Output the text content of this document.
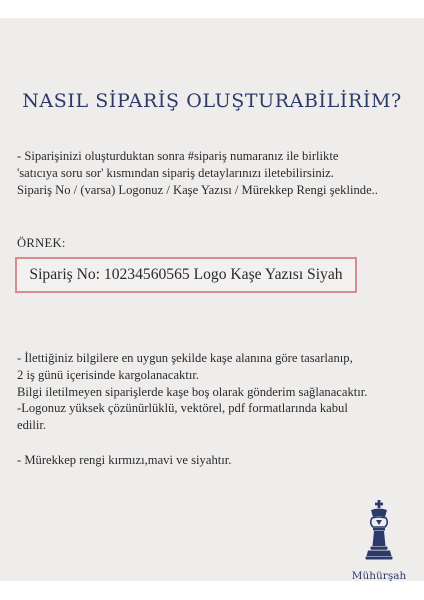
NASIL SİPARİŞ OLUŞTURABİLİRİM?
- Siparişinizi oluşturduktan sonra #sipariş numaranız ile birlikte
'satıcıya soru sor' kısmından sipariş detaylarınızı iletebilirsiniz.
Sipariş No / (varsa) Logonuz / Kaşe Yazısı / Mürekkep Rengi şeklinde..
ÖRNEK:
Sipariş No: 10234560565 Logo Kaşe Yazısı Siyah
- İlettiğiniz bilgilere en uygun şekilde kaşe alanına göre tasarlanıp,
2 iş günü içerisinde kargolanacaktır.
Bilgi iletilmeyen siparişlerde kaşe boş olarak gönderim sağlanacaktır.
-Logonuz yüksek çözünürlüklü, vektörel, pdf formatlarında kabul
edilir.
- Mürekkep rengi kırmızı,mavi ve siyahtır.
Mühürşah
